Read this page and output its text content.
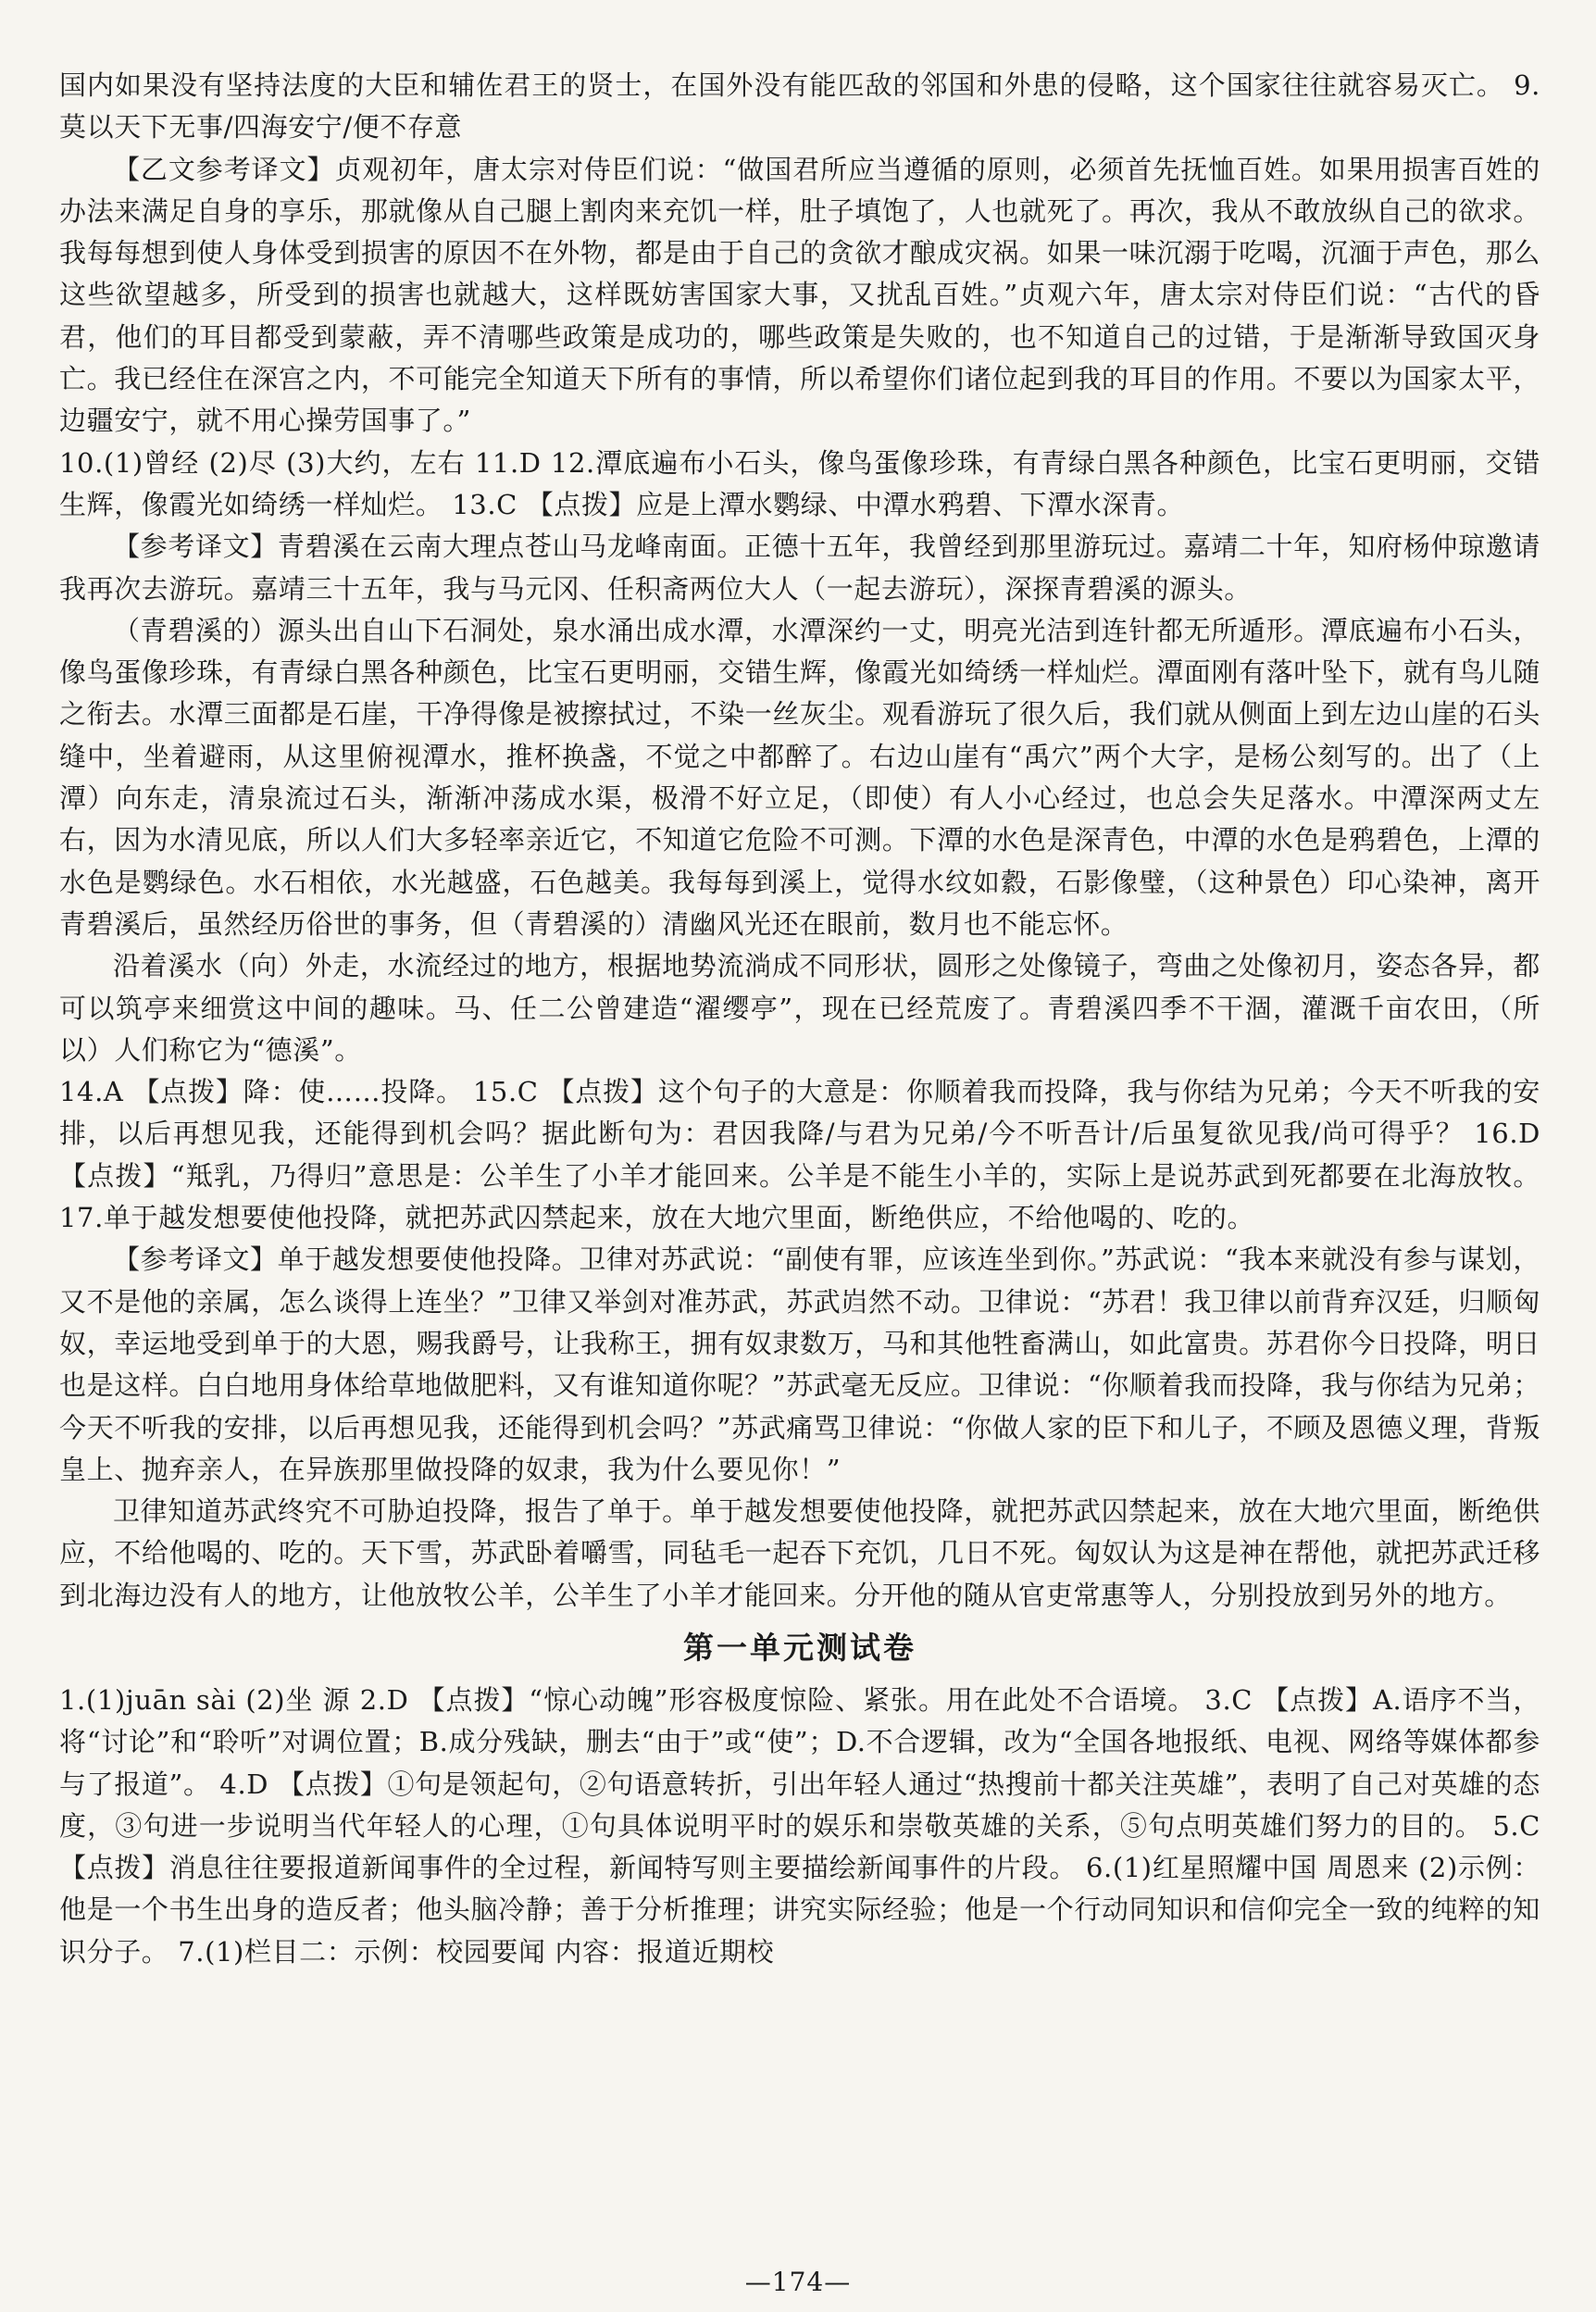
国内如果没有坚持法度的大臣和辅佐君王的贤士，在国外没有能匹敌的邻国和外患的侵略，这个国家往往就容易灭亡。 9.莫以天下无事/四海安宁/便不存意

【乙文参考译文】贞观初年，唐太宗对侍臣们说：“做国君所应当遵循的原则，必须首先抚恤百姓。如果用损害百姓的办法来满足自身的享乐，那就像从自己腿上割肉来充饥一样，肚子填饱了，人也就死了。再次，我从不敢放纵自己的欲求。我每每想到使人身体受到损害的原因不在外物，都是由于自己的贪欲才酿成灾祸。如果一味沉溺于吃喝，沉湎于声色，那么这些欲望越多，所受到的损害也就越大，这样既妨害国家大事，又扰乱百姓。”贞观六年，唐太宗对侍臣们说：“古代的昏君，他们的耳目都受到蒙蔽，弄不清哪些政策是成功的，哪些政策是失败的，也不知道自己的过错，于是渐渐导致国灭身亡。我已经住在深宫之内，不可能完全知道天下所有的事情，所以希望你们诸位起到我的耳目的作用。不要以为国家太平，边疆安宁，就不用心操劳国事了。”

10.(1)曾经 (2)尽 (3)大约，左右 11.D 12.潭底遍布小石头，像鸟蛋像珍珠，有青绿白黑各种颜色，比宝石更明丽，交错生辉，像霞光如绮绣一样灿烂。 13.C 【点拨】应是上潭水鹦绿、中潭水鸦碧、下潭水深青。

【参考译文】青碧溪在云南大理点苍山马龙峰南面。正德十五年，我曾经到那里游玩过。嘉靖二十年，知府杨仲琼邀请我再次去游玩。嘉靖三十五年，我与马元冈、任积斋两位大人（一起去游玩），深探青碧溪的源头。

（青碧溪的）源头出自山下石洞处，泉水涌出成水潭，水潭深约一丈，明亮光洁到连针都无所遁形。潭底遍布小石头，像鸟蛋像珍珠，有青绿白黑各种颜色，比宝石更明丽，交错生辉，像霞光如绮绣一样灿烂。潭面刚有落叶坠下，就有鸟儿随之衔去。水潭三面都是石崖，干净得像是被擦拭过，不染一丝灰尘。观看游玩了很久后，我们就从侧面上到左边山崖的石头缝中，坐着避雨，从这里俯视潭水，推杯换盏，不觉之中都醉了。右边山崖有“禹穴”两个大字，是杨公刻写的。出了（上潭）向东走，清泉流过石头，渐渐冲荡成水渠，极滑不好立足，（即使）有人小心经过，也总会失足落水。中潭深两丈左右，因为水清见底，所以人们大多轻率亲近它，不知道它危险不可测。下潭的水色是深青色，中潭的水色是鸦碧色，上潭的水色是鹦绿色。水石相依，水光越盛，石色越美。我每每到溪上，觉得水纹如縠，石影像璧，（这种景色）印心染神，离开青碧溪后，虽然经历俗世的事务，但（青碧溪的）清幽风光还在眼前，数月也不能忘怀。

沿着溪水（向）外走，水流经过的地方，根据地势流淌成不同形状，圆形之处像镜子，弯曲之处像初月，姿态各异，都可以筑亭来细赏这中间的趣味。马、任二公曾建造“濯缨亭”，现在已经荒废了。青碧溪四季不干涸，灌溉千亩农田，（所以）人们称它为“德溪”。

14.A 【点拨】降：使……投降。 15.C 【点拨】这个句子的大意是：你顺着我而投降，我与你结为兄弟；今天不听我的安排，以后再想见我，还能得到机会吗？据此断句为：君因我降/与君为兄弟/今不听吾计/后虽复欲见我/尚可得乎？ 16.D 【点拨】“羝乳，乃得归”意思是：公羊生了小羊才能回来。公羊是不能生小羊的，实际上是说苏武到死都要在北海放牧。 17.单于越发想要使他投降，就把苏武囚禁起来，放在大地穴里面，断绝供应，不给他喝的、吃的。

【参考译文】单于越发想要使他投降。卫律对苏武说：“副使有罪，应该连坐到你。”苏武说：“我本来就没有参与谋划，又不是他的亲属，怎么谈得上连坐？”卫律又举剑对准苏武，苏武岿然不动。卫律说：“苏君！我卫律以前背弃汉廷，归顺匈奴，幸运地受到单于的大恩，赐我爵号，让我称王，拥有奴隶数万，马和其他牲畜满山，如此富贵。苏君你今日投降，明日也是这样。白白地用身体给草地做肥料，又有谁知道你呢？”苏武毫无反应。卫律说：“你顺着我而投降，我与你结为兄弟；今天不听我的安排，以后再想见我，还能得到机会吗？”苏武痛骂卫律说：“你做人家的臣下和儿子，不顾及恩德义理，背叛皇上、抛弃亲人，在异族那里做投降的奴隶，我为什么要见你！”

卫律知道苏武终究不可胁迫投降，报告了单于。单于越发想要使他投降，就把苏武囚禁起来，放在大地穴里面，断绝供应，不给他喝的、吃的。天下雪，苏武卧着嚼雪，同毡毛一起吞下充饥，几日不死。匈奴认为这是神在帮他，就把苏武迁移到北海边没有人的地方，让他放牧公羊，公羊生了小羊才能回来。分开他的随从官吏常惠等人，分别投放到另外的地方。

第一单元测试卷

1.(1)juān sài (2)坐 源 2.D 【点拨】“惊心动魄”形容极度惊险、紧张。用在此处不合语境。 3.C 【点拨】A.语序不当，将“讨论”和“聆听”对调位置；B.成分残缺，删去“由于”或“使”；D.不合逻辑，改为“全国各地报纸、电视、网络等媒体都参与了报道”。 4.D 【点拨】①句是领起句，②句语意转折，引出年轻人通过“热搜前十都关注英雄”，表明了自己对英雄的态度，③句进一步说明当代年轻人的心理，①句具体说明平时的娱乐和崇敬英雄的关系，⑤句点明英雄们努力的目的。 5.C 【点拨】消息往往要报道新闻事件的全过程，新闻特写则主要描绘新闻事件的片段。 6.(1)红星照耀中国 周恩来 (2)示例：他是一个书生出身的造反者；他头脑冷静；善于分析推理；讲究实际经验；他是一个行动同知识和信仰完全一致的纯粹的知识分子。 7.(1)栏目二：示例：校园要闻 内容：报道近期校

—174—
